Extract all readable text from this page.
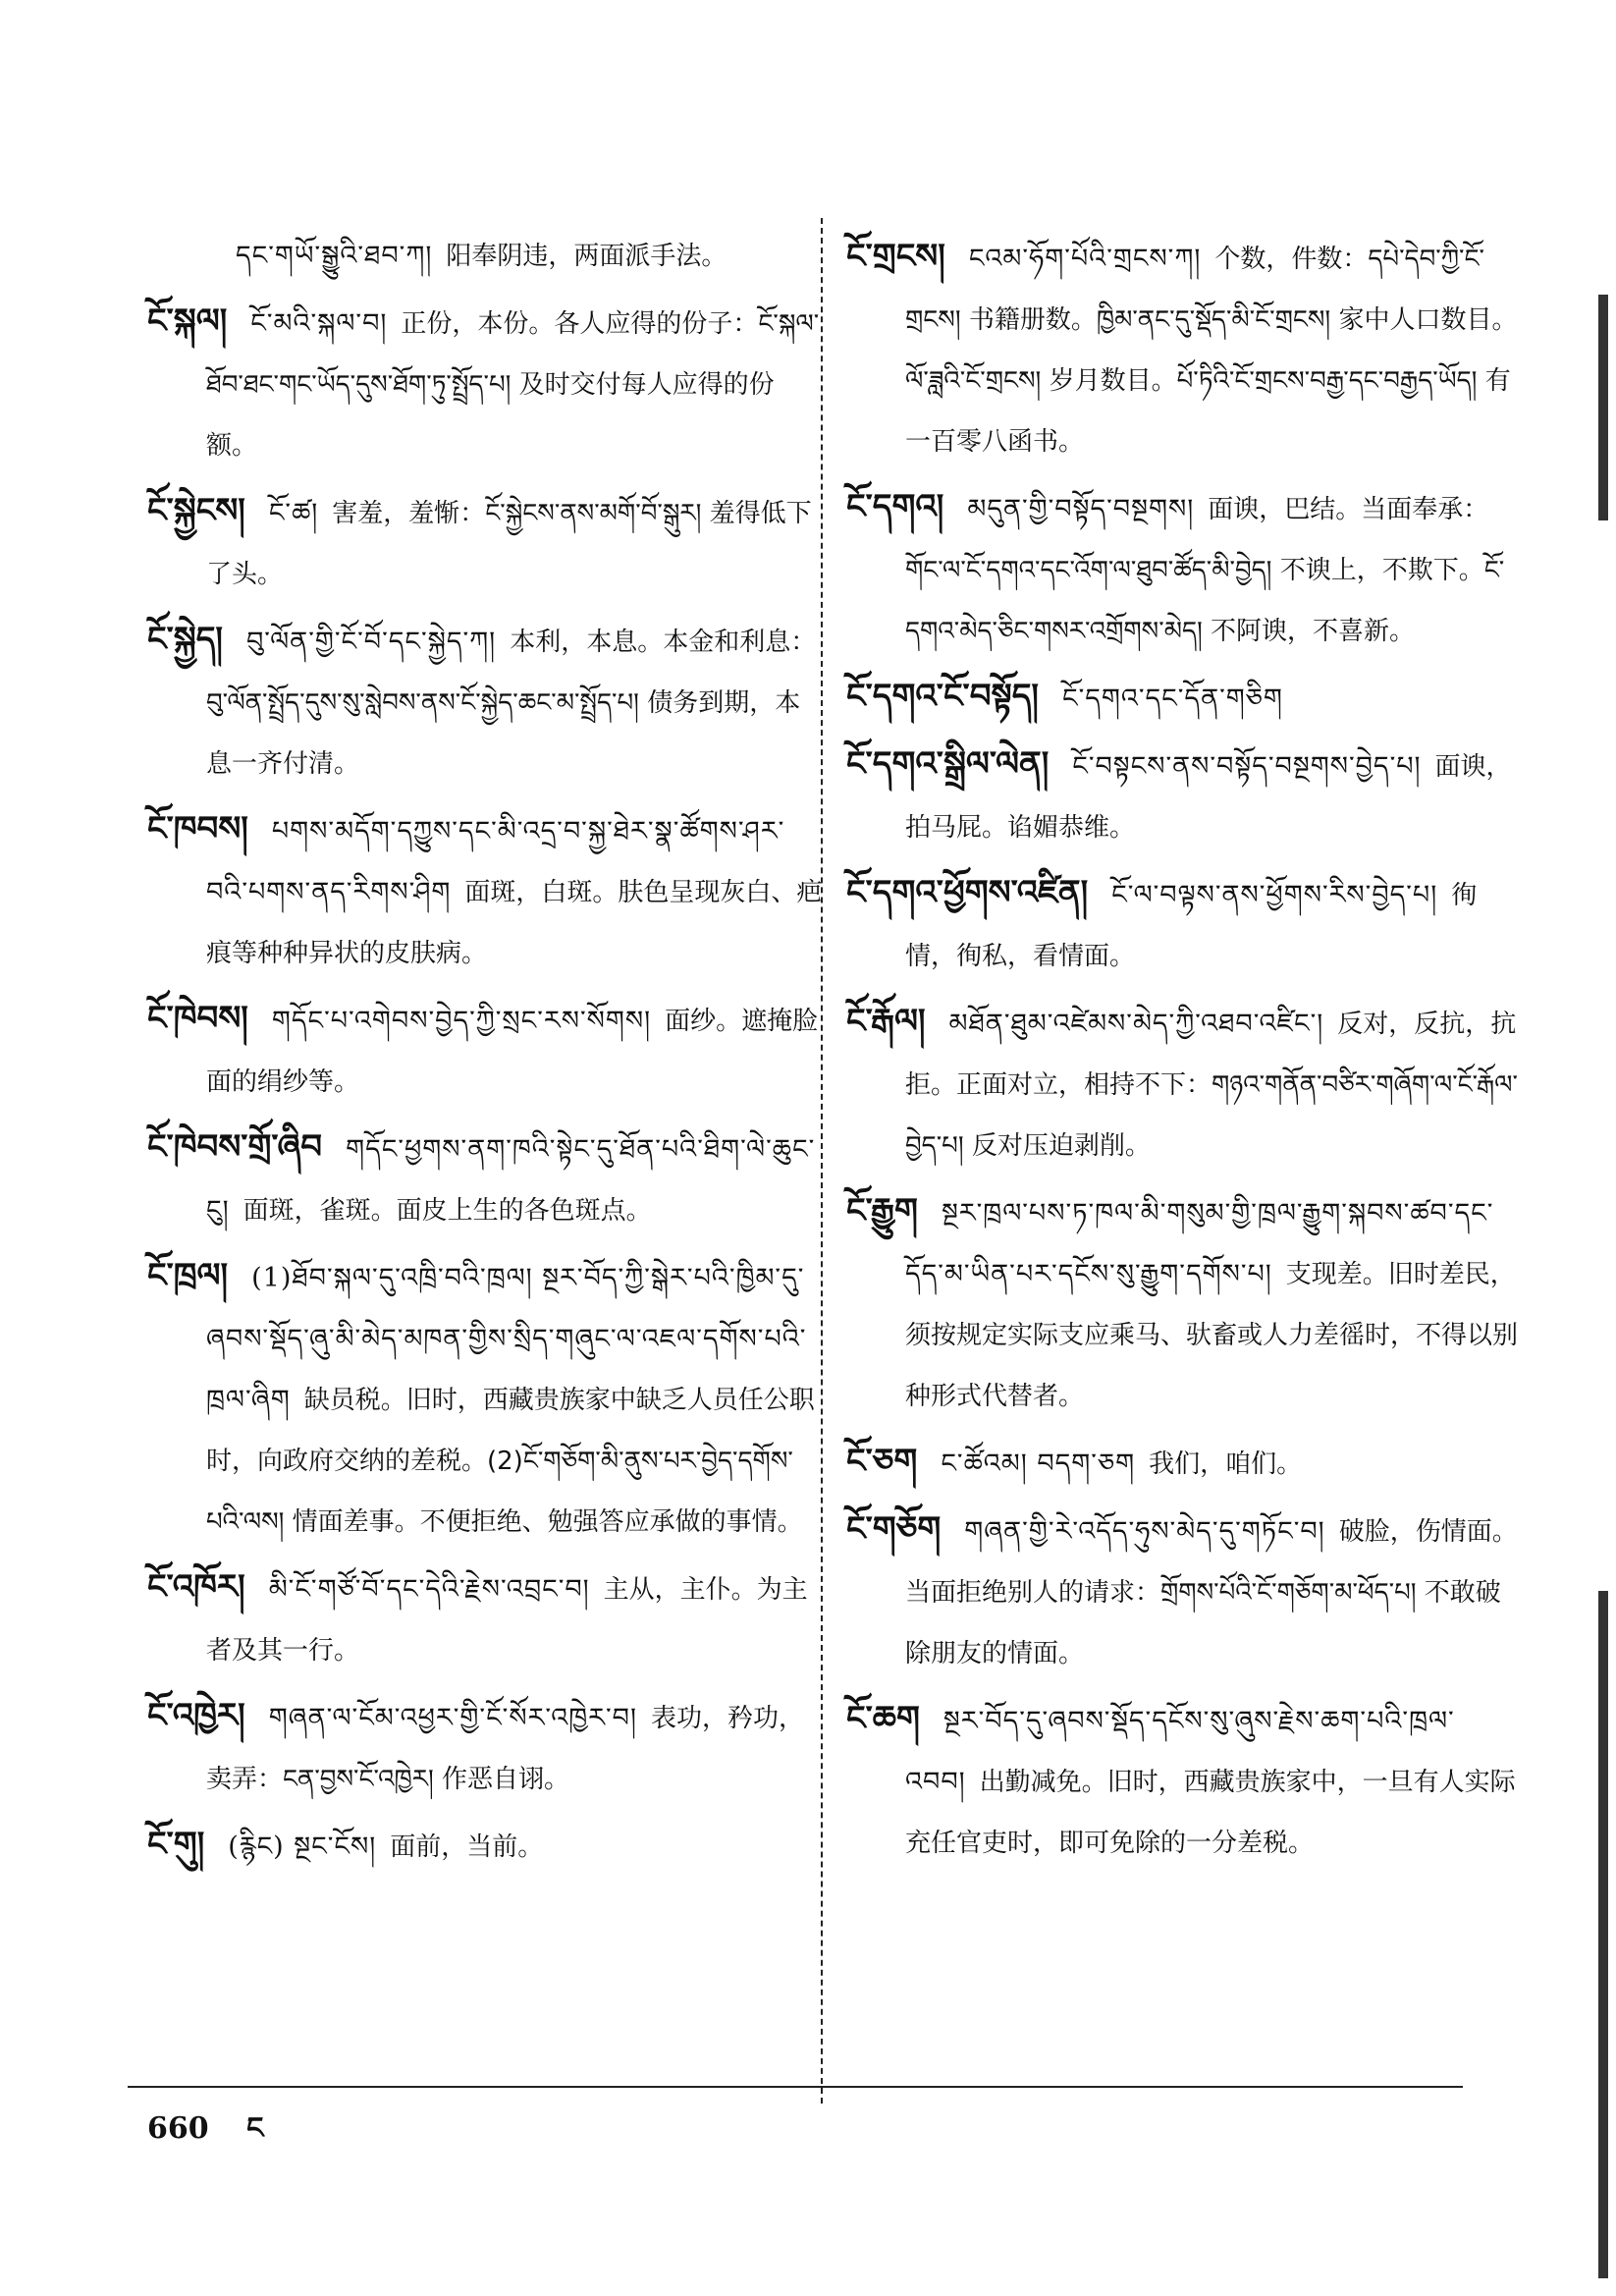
དང་གཡོ་སྒྱུའི་ཐབ་ཀ། 阳奉阴违，两面派手法。

ངོ་སྐལ། ངོ་མའི་སྐལ་བ། 正份，本份。各人应得的份子：ངོ་སྐལ་ཐོབ་ཐང་གང་ཡོད་དུས་ཐོག་ཏུ་སྤྲོད་པ། 及时交付每人应得的份额。

ངོ་སྐྱེངས། ངོ་ཚ། 害羞，羞惭：ངོ་སྐྱེངས་ནས་མགོ་བོ་སྒུར། 羞得低下了头。

ངོ་སྐྱེད། བུ་ལོན་གྱི་ངོ་བོ་དང་སྐྱེད་ཀ། 本利，本息。本金和利息：བུ་ལོན་སྤྲོད་དུས་སུ་སླེབས་ནས་ངོ་སྐྱེད་ཆང་མ་སྤྲོད་པ། 债务到期，本息一齐付清。

ངོ་ཁབས། པགས་མདོག་དཀྱུས་དང་མི་འདྲ་བ་སྐྱ་ཐེར་སྣ་ཚོགས་ཤར་བའི་པགས་ནད་རིགས་ཤིག 面斑，白斑。肤色呈现灰白、疤痕等种种异状的皮肤病。

ངོ་ཁེབས། གདོང་པ་འགེབས་བྱེད་ཀྱི་སྲང་རས་སོགས། 面纱。遮掩脸面的绢纱等。

ངོ་ཁེབས་གྲོ་ཞིབ གདོང་ཕྱགས་ནག་ཁའི་སྟེང་དུ་ཐོན་པའི་ཐིག་ལེ་ཆུང་ངུ། 面斑，雀斑。面皮上生的各色斑点。

ངོ་ཁྲལ། (1)ཐོབ་སྐལ་དུ་འཁྲི་བའི་ཁྲལ། སྔར་བོད་ཀྱི་སྒེར་པའི་ཁྱིམ་དུ་ཞབས་སྡོད་ཞུ་མི་མེད་མཁན་གྱིས་སྲིད་གཞུང་ལ་འཇལ་དགོས་པའི་ཁྲལ་ཞིག 缺员税。旧时，西藏贵族家中缺乏人员任公职时，向政府交纳的差税。(2)ངོ་གཅོག་མི་ནུས་པར་བྱེད་དགོས་པའི་ལས། 情面差事。不便拒绝、勉强答应承做的事情。

ངོ་འཁོར། མི་ངོ་གཙོ་བོ་དང་དེའི་རྗེས་འབྲང་བ། 主从，主仆。为主者及其一行。

ངོ་འཁྱེར། གཞན་ལ་ངོམ་འཕྱར་གྱི་ངོ་སོར་འཁྱེར་བ། 表功，矜功，卖弄：ངན་བྱས་ངོ་འཁྱེར། 作恶自诩。

ངོ་གུ། (རྙིང) སྔང་ངོས། 面前，当前。

ངོ་གྲངས། ངའམ་ཧོག་པོའི་གྲངས་ཀ། 个数，件数：དཔེ་དེབ་ཀྱི་ངོ་གྲངས། 书籍册数。ཁྱིམ་ནང་དུ་སྡོད་མི་ངོ་གྲངས། 家中人口数目。ལོ་ཟླའི་ངོ་གྲངས། 岁月数目。པོ་ཏིའི་ངོ་གྲངས་བརྒྱ་དང་བརྒྱད་ཡོད། 有一百零八函书。

ངོ་དགའ། མདུན་གྱི་བསྟོད་བསྔགས། 面谀，巴结。当面奉承：གོང་ལ་ངོ་དགའ་དང་འོག་ལ་ཐུབ་ཚོད་མི་བྱེད། 不谀上，不欺下。ངོ་དགའ་མེད་ཅིང་གསར་འགྲོགས་མེད། 不阿谀，不喜新。

ངོ་དགའ་ངོ་བསྟོད། ངོ་དགའ་དང་དོན་གཅིག

ངོ་དགའ་སྒྲིལ་ལེན། ངོ་བསྟངས་ནས་བསྟོད་བསྔགས་བྱེད་པ། 面谀，拍马屁。谄媚恭维。

ངོ་དགའ་ཕྱོགས་འཛིན། ངོ་ལ་བལྟས་ནས་ཕྱོགས་རིས་བྱེད་པ། 徇情，徇私，看情面。

ངོ་རྒོལ། མཐོན་ཐུམ་འཛེམས་མེད་ཀྱི་འཐབ་འཛིང་། 反对，反抗，抗拒。正面对立，相持不下：གཉའ་གནོན་བཙིར་གཞོག་ལ་ངོ་རྒོལ་བྱེད་པ། 反对压迫剥削。

ངོ་རྒྱུག སྔར་ཁྲལ་པས་ཏ་ཁལ་མི་གསུམ་གྱི་ཁྲལ་རྒྱུག་སྐབས་ཚབ་དང་དོད་མ་ཡིན་པར་དངོས་སུ་རྒྱུག་དགོས་པ། 支现差。旧时差民，须按规定实际支应乘马、驮畜或人力差徭时，不得以别种形式代替者。

ངོ་ཅག ང་ཚོའམ། བདག་ཅག 我们，咱们。

ངོ་གཅོག གཞན་གྱི་རེ་འདོད་ཧུས་མེད་དུ་གཏོང་བ། 破脸，伤情面。当面拒绝别人的请求：གྲོགས་པོའི་ངོ་གཅོག་མ་ཕོད་པ། 不敢破除朋友的情面。

ངོ་ཆག སྔར་བོད་དུ་ཞབས་སྡོད་དངོས་སུ་ཞུས་རྗེས་ཆག་པའི་ཁྲལ་འབབ། 出勤减免。旧时，西藏贵族家中，一旦有人实际充任官吏时，即可免除的一分差税。

660 ང
